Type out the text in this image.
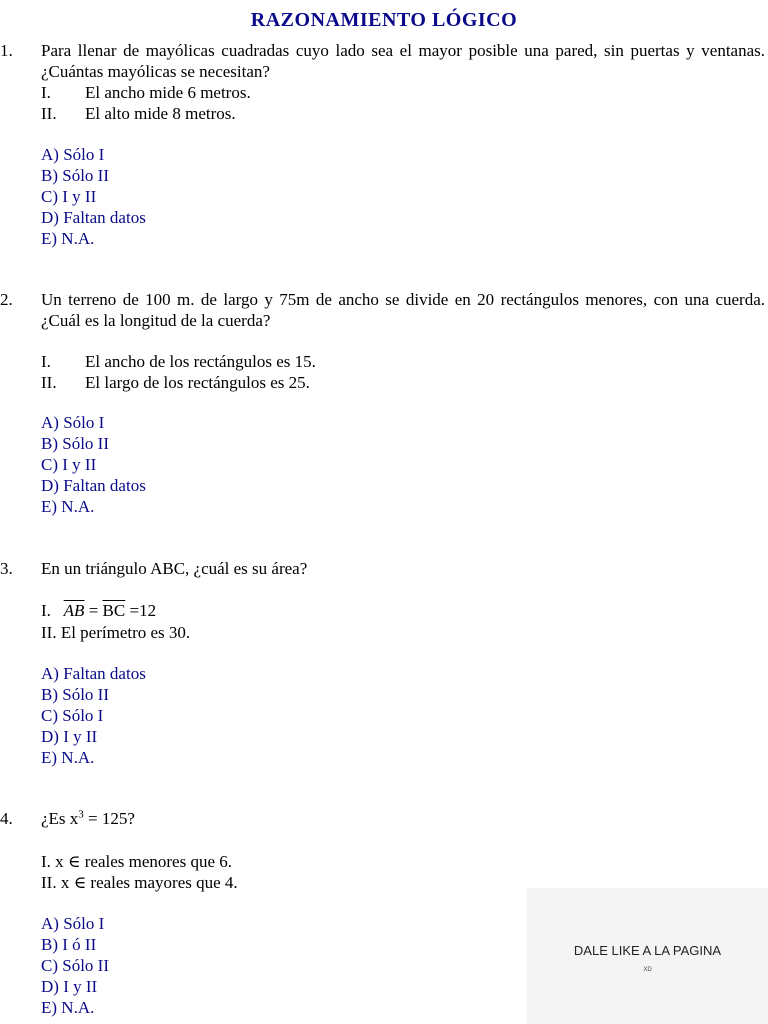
RAZONAMIENTO LÓGICO
1. Para llenar de mayólicas cuadradas cuyo lado sea el mayor posible una pared, sin puertas y ventanas. ¿Cuántas mayólicas se necesitan?
I. El ancho mide 6 metros.
II. El alto mide 8 metros.
A) Sólo I
B) Sólo II
C) I y II
D) Faltan datos
E) N.A.
2. Un terreno de 100 m. de largo y 75m de ancho se divide en 20 rectángulos menores, con una cuerda. ¿Cuál es la longitud de la cuerda?
I. El ancho de los rectángulos es 15.
II. El largo de los rectángulos es 25.
A) Sólo I
B) Sólo II
C) I y II
D) Faltan datos
E) N.A.
3. En un triángulo ABC, ¿cuál es su área?
I. $\overline{AB} = \overline{BC} =12$
II. El perímetro es 30.
A) Faltan datos
B) Sólo II
C) Sólo I
D) I y II
E) N.A.
4. ¿Es $x^3 = 125$?
I. x ∈ reales menores que 6.
II. x ∈ reales mayores que 4.
A) Sólo I
B) I ó II
C) Sólo II
D) I y II
E) N.A.
DALE LIKE A LA PAGINA
XD
